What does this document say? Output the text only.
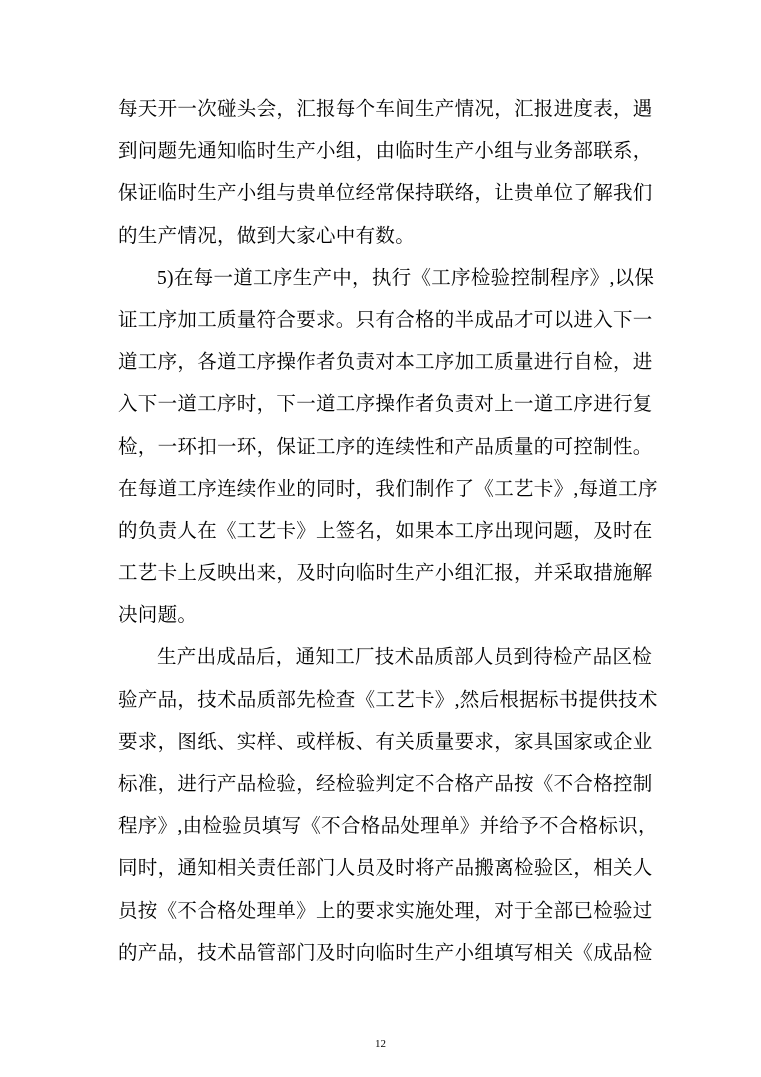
每天开一次碰头会，汇报每个车间生产情况，汇报进度表，遇
到问题先通知临时生产小组，由临时生产小组与业务部联系，
保证临时生产小组与贵单位经常保持联络，让贵单位了解我们
的生产情况，做到大家心中有数。
5)在每一道工序生产中，执行《工序检验控制程序》,以保
证工序加工质量符合要求。只有合格的半成品才可以进入下一
道工序，各道工序操作者负责对本工序加工质量进行自检，进
入下一道工序时，下一道工序操作者负责对上一道工序进行复
检，一环扣一环，保证工序的连续性和产品质量的可控制性。
在每道工序连续作业的同时，我们制作了《工艺卡》,每道工序
的负责人在《工艺卡》上签名，如果本工序出现问题，及时在
工艺卡上反映出来，及时向临时生产小组汇报，并采取措施解
决问题。
生产出成品后，通知工厂技术品质部人员到待检产品区检
验产品，技术品质部先检查《工艺卡》,然后根据标书提供技术
要求，图纸、实样、或样板、有关质量要求，家具国家或企业
标准，进行产品检验，经检验判定不合格产品按《不合格控制
程序》,由检验员填写《不合格品处理单》并给予不合格标识，
同时，通知相关责任部门人员及时将产品搬离检验区，相关人
员按《不合格处理单》上的要求实施处理，对于全部已检验过
的产品，技术品管部门及时向临时生产小组填写相关《成品检
12
